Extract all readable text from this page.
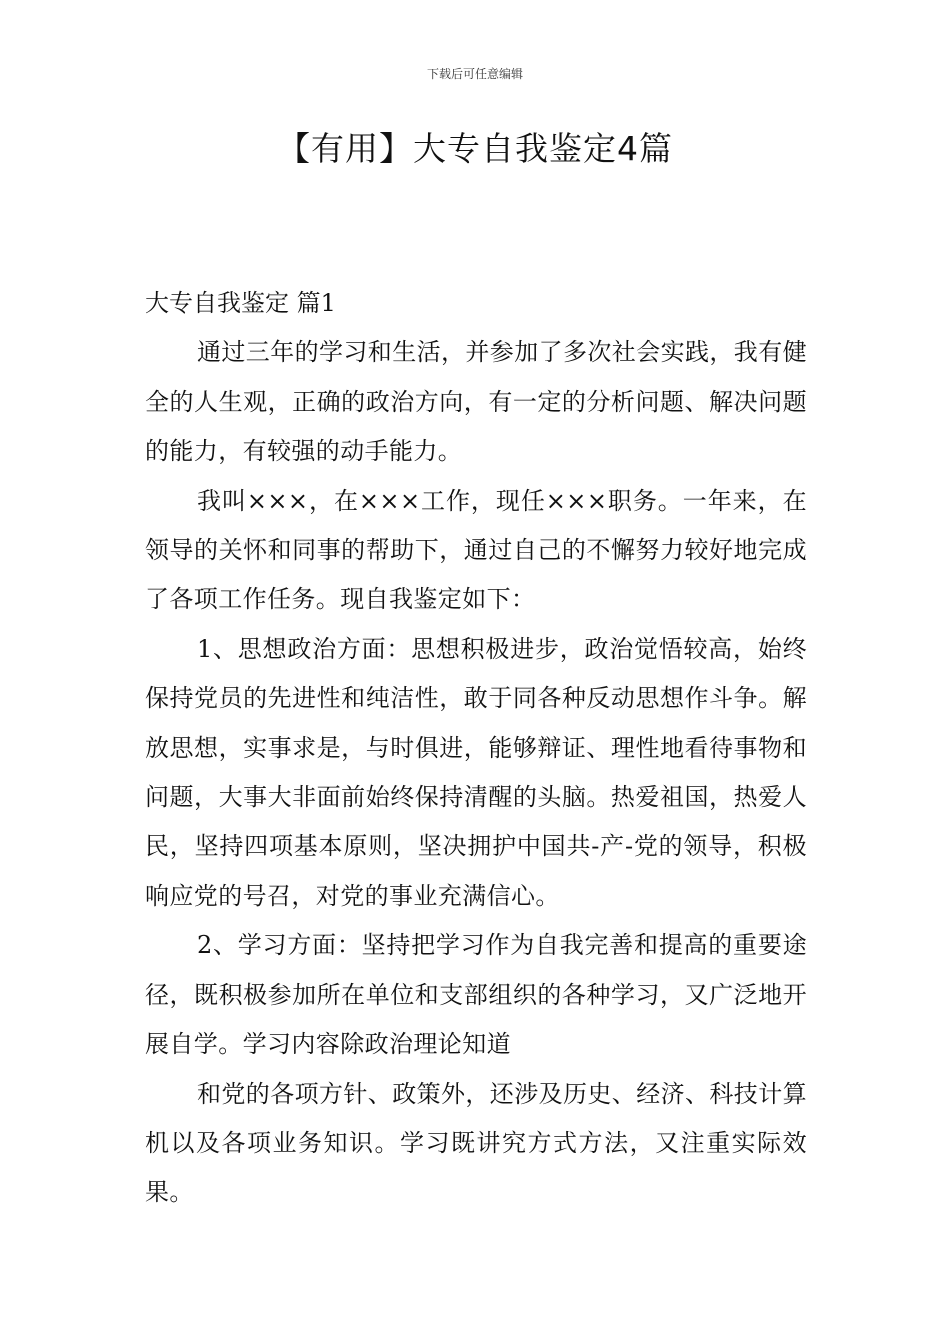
下载后可任意编辑
【有用】大专自我鉴定4篇
大专自我鉴定 篇1

通过三年的学习和生活，并参加了多次社会实践，我有健全的人生观，正确的政治方向，有一定的分析问题、解决问题的能力，有较强的动手能力。

我叫×××，在×××工作，现任×××职务。一年来，在领导的关怀和同事的帮助下，通过自己的不懈努力较好地完成了各项工作任务。现自我鉴定如下：

1、思想政治方面：思想积极进步，政治觉悟较高，始终保持党员的先进性和纯洁性，敢于同各种反动思想作斗争。解放思想，实事求是，与时俱进，能够辩证、理性地看待事物和问题，大事大非面前始终保持清醒的头脑。热爱祖国，热爱人民，坚持四项基本原则，坚决拥护中国共-产-党的领导，积极响应党的号召，对党的事业充满信心。

2、学习方面：坚持把学习作为自我完善和提高的重要途径，既积极参加所在单位和支部组织的各种学习，又广泛地开展自学。学习内容除政治理论知道

和党的各项方针、政策外，还涉及历史、经济、科技计算机以及各项业务知识。学习既讲究方式方法，又注重实际效果。
